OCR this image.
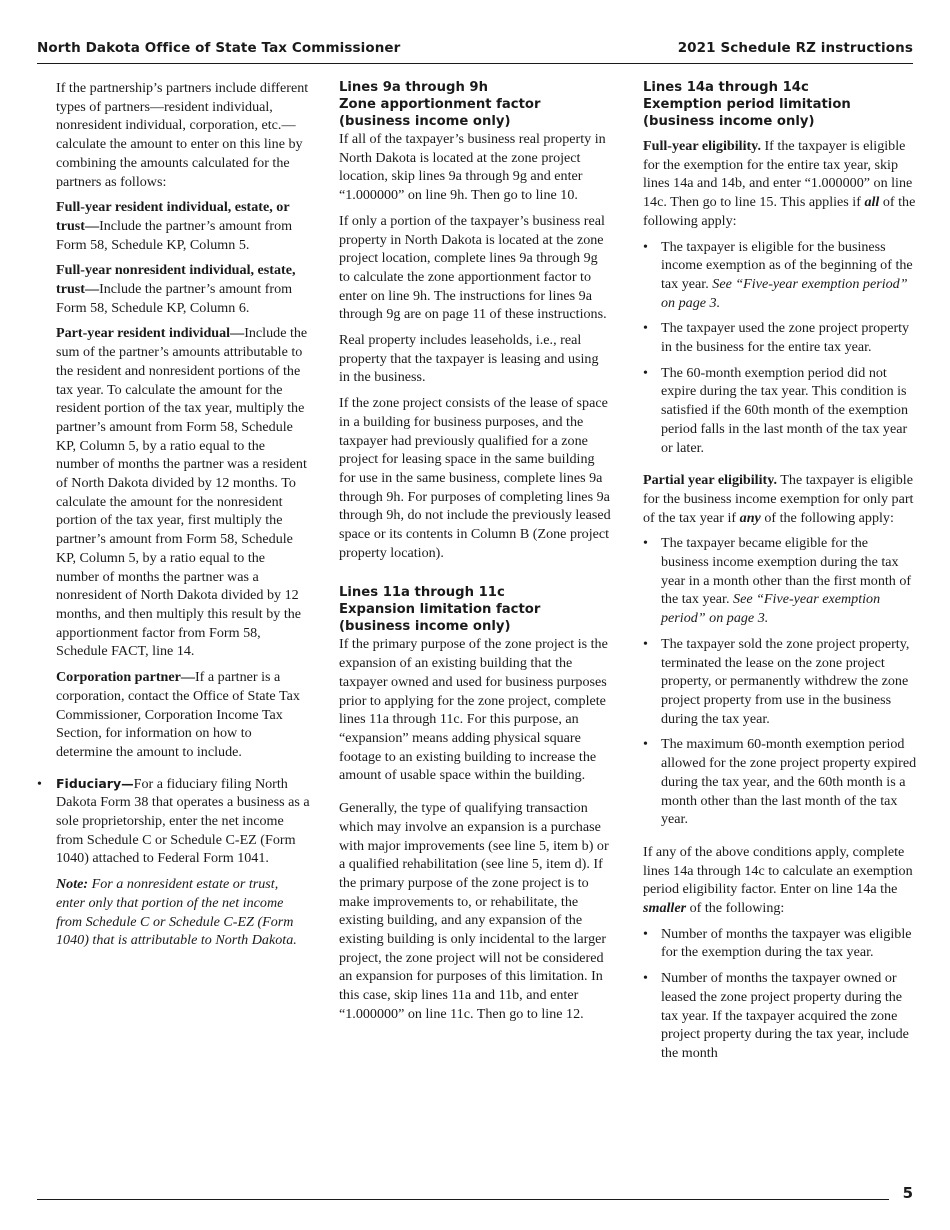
North Dakota Office of State Tax Commissioner	2021 Schedule RZ instructions

If the partnership’s partners include different types of partners—resident individual, nonresident individual, corporation, etc.—calculate the amount to enter on this line by combining the amounts calculated for the partners as follows:

Full-year resident individual, estate, or trust—Include the partner’s amount from Form 58, Schedule KP, Column 5.

Full-year nonresident individual, estate, trust—Include the partner’s amount from Form 58, Schedule KP, Column 6.

Part-year resident individual—Include the sum of the partner’s amounts attributable to the resident and nonresident portions of the tax year. To calculate the amount for the resident portion of the tax year, multiply the partner’s amount from Form 58, Schedule KP, Column 5, by a ratio equal to the number of months the partner was a resident of North Dakota divided by 12 months. To calculate the amount for the nonresident portion of the tax year, first multiply the partner’s amount from Form 58, Schedule KP, Column 5, by a ratio equal to the number of months the partner was a nonresident of North Dakota divided by 12 months, and then multiply this result by the apportionment factor from Form 58, Schedule FACT, line 14.

Corporation partner—If a partner is a corporation, contact the Office of State Tax Commissioner, Corporation Income Tax Section, for information on how to determine the amount to include.

• Fiduciary—For a fiduciary filing North Dakota Form 38 that operates a business as a sole proprietorship, enter the net income from Schedule C or Schedule C-EZ (Form 1040) attached to Federal Form 1041.

Note: For a nonresident estate or trust, enter only that portion of the net income from Schedule C or Schedule C-EZ (Form 1040) that is attributable to North Dakota.

Lines 9a through 9h
Zone apportionment factor
(business income only)

If all of the taxpayer’s business real property in North Dakota is located at the zone project location, skip lines 9a through 9g and enter “1.000000” on line 9h. Then go to line 10.

If only a portion of the taxpayer’s business real property in North Dakota is located at the zone project location, complete lines 9a through 9g to calculate the zone apportionment factor to enter on line 9h. The instructions for lines 9a through 9g are on page 11 of these instructions.

Real property includes leaseholds, i.e., real property that the taxpayer is leasing and using in the business.

If the zone project consists of the lease of space in a building for business purposes, and the taxpayer had previously qualified for a zone project for leasing space in the same building for use in the same business, complete lines 9a through 9h. For purposes of completing lines 9a through 9h, do not include the previously leased space or its contents in Column B (Zone project property location).

Lines 11a through 11c
Expansion limitation factor
(business income only)

If the primary purpose of the zone project is the expansion of an existing building that the taxpayer owned and used for business purposes prior to applying for the zone project, complete lines 11a through 11c. For this purpose, an “expansion” means adding physical square footage to an existing building to increase the amount of usable space within the building.

Generally, the type of qualifying transaction which may involve an expansion is a purchase with major improvements (see line 5, item b) or a qualified rehabilitation (see line 5, item d). If the primary purpose of the zone project is to make improvements to, or rehabilitate, the existing building, and any expansion of the existing building is only incidental to the larger project, the zone project will not be considered an expansion for purposes of this limitation. In this case, skip lines 11a and 11b, and enter “1.000000” on line 11c. Then go to line 12.

Lines 14a through 14c
Exemption period limitation
(business income only)

Full-year eligibility. If the taxpayer is eligible for the exemption for the entire tax year, skip lines 14a and 14b, and enter “1.000000” on line 14c. Then go to line 15. This applies if all of the following apply:

• The taxpayer is eligible for the business income exemption as of the beginning of the tax year. See “Five-year exemption period” on page 3.
• The taxpayer used the zone project property in the business for the entire tax year.
• The 60-month exemption period did not expire during the tax year. This condition is satisfied if the 60th month of the exemption period falls in the last month of the tax year or later.

Partial year eligibility. The taxpayer is eligible for the business income exemption for only part of the tax year if any of the following apply:

• The taxpayer became eligible for the business income exemption during the tax year in a month other than the first month of the tax year. See “Five-year exemption period” on page 3.
• The taxpayer sold the zone project property, terminated the lease on the zone project property, or permanently withdrew the zone project property from use in the business during the tax year.
• The maximum 60-month exemption period allowed for the zone project property expired during the tax year, and the 60th month is a month other than the last month of the tax year.

If any of the above conditions apply, complete lines 14a through 14c to calculate an exemption period eligibility factor. Enter on line 14a the smaller of the following:

• Number of months the taxpayer was eligible for the exemption during the tax year.
• Number of months the taxpayer owned or leased the zone project property during the tax year. If the taxpayer acquired the zone project property during the tax year, include the month
5
